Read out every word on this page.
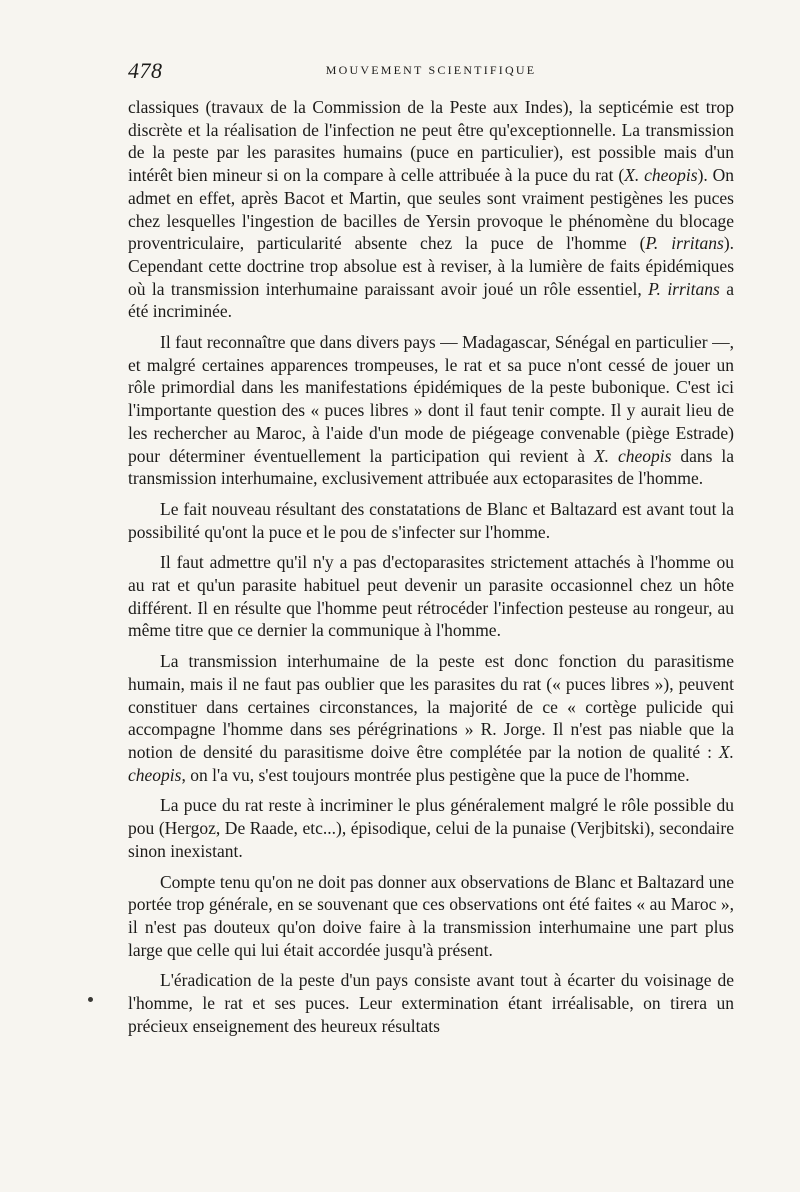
478	MOUVEMENT SCIENTIFIQUE

classiques (travaux de la Commission de la Peste aux Indes), la septicémie est trop discrète et la réalisation de l'infection ne peut être qu'exceptionnelle. La transmission de la peste par les parasites humains (puce en particulier), est possible mais d'un intérêt bien mineur si on la compare à celle attribuée à la puce du rat (X. cheopis). On admet en effet, après Bacot et Martin, que seules sont vraiment pestigènes les puces chez lesquelles l'ingestion de bacilles de Yersin provoque le phénomène du blocage proventriculaire, particularité absente chez la puce de l'homme (P. irritans). Cependant cette doctrine trop absolue est à reviser, à la lumière de faits épidémiques où la transmission interhumaine paraissant avoir joué un rôle essentiel, P. irritans a été incriminée.

Il faut reconnaître que dans divers pays — Madagascar, Sénégal en particulier —, et malgré certaines apparences trompeuses, le rat et sa puce n'ont cessé de jouer un rôle primordial dans les manifestations épidémiques de la peste bubonique. C'est ici l'importante question des « puces libres » dont il faut tenir compte. Il y aurait lieu de les rechercher au Maroc, à l'aide d'un mode de piégeage convenable (piège Estrade) pour déterminer éventuellement la participation qui revient à X. cheopis dans la transmission interhumaine, exclusivement attribuée aux ectoparasites de l'homme.

Le fait nouveau résultant des constatations de Blanc et Baltazard est avant tout la possibilité qu'ont la puce et le pou de s'infecter sur l'homme.

Il faut admettre qu'il n'y a pas d'ectoparasites strictement attachés à l'homme ou au rat et qu'un parasite habituel peut devenir un parasite occasionnel chez un hôte différent. Il en résulte que l'homme peut rétrocéder l'infection pesteuse au rongeur, au même titre que ce dernier la communique à l'homme.

La transmission interhumaine de la peste est donc fonction du parasitisme humain, mais il ne faut pas oublier que les parasites du rat (« puces libres »), peuvent constituer dans certaines circonstances, la majorité de ce « cortège pulicide qui accompagne l'homme dans ses pérégrinations » R. Jorge. Il n'est pas niable que la notion de densité du parasitisme doive être complétée par la notion de qualité : X. cheopis, on l'a vu, s'est toujours montrée plus pestigène que la puce de l'homme.

La puce du rat reste à incriminer le plus généralement malgré le rôle possible du pou (Hergoz, De Raade, etc...), épisodique, celui de la punaise (Verjbitski), secondaire sinon inexistant.

Compte tenu qu'on ne doit pas donner aux observations de Blanc et Baltazard une portée trop générale, en se souvenant que ces observations ont été faites « au Maroc », il n'est pas douteux qu'on doive faire à la transmission interhumaine une part plus large que celle qui lui était accordée jusqu'à présent.

L'éradication de la peste d'un pays consiste avant tout à écarter du voisinage de l'homme, le rat et ses puces. Leur extermination étant irréalisable, on tirera un précieux enseignement des heureux résultats
